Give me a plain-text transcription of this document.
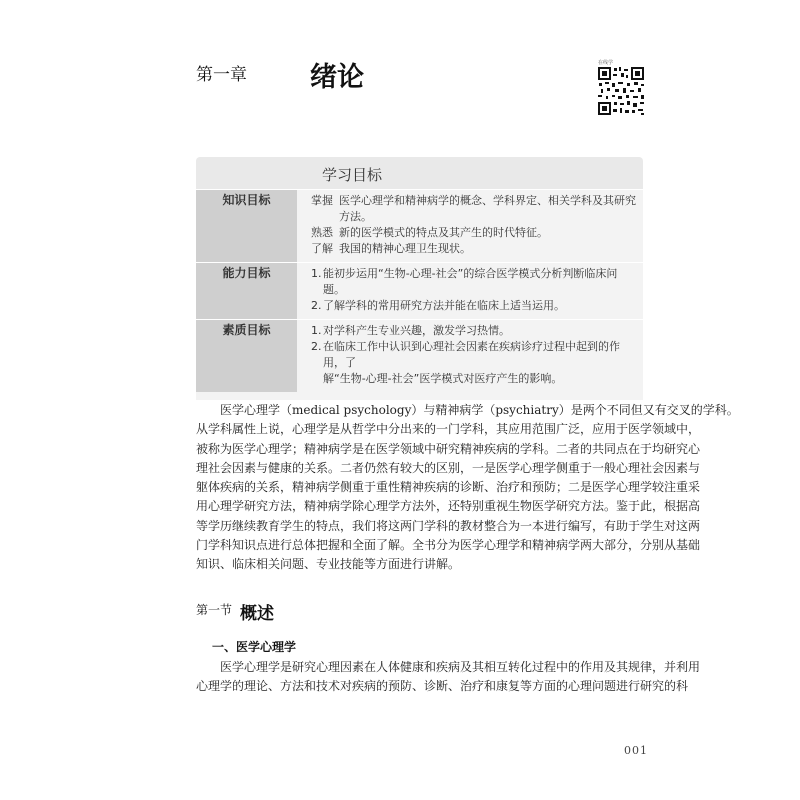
第一章 绪论	在线学
学习目标
知识目标	掌握 医学心理学和精神病学的概念、学科界定、相关学科及其研究
方法。
熟悉 新的医学模式的特点及其产生的时代特征。
了解 我国的精神心理卫生现状。
能力目标	1. 能初步运用“生物-心理-社会”的综合医学模式分析判断临床问题。
2. 了解学科的常用研究方法并能在临床上适当运用。
素质目标	1. 对学科产生专业兴趣，激发学习热情。
2. 在临床工作中认识到心理社会因素在疾病诊疗过程中起到的作用，了
解“生物-心理-社会”医学模式对医疗产生的影响。
医学心理学（medical psychology）与精神病学（psychiatry）是两个不同但又有交叉的学科。
从学科属性上说，心理学是从哲学中分出来的一门学科，其应用范围广泛，应用于医学领域中，
被称为医学心理学；精神病学是在医学领域中研究精神疾病的学科。二者的共同点在于均研究心
理社会因素与健康的关系。二者仍然有较大的区别，一是医学心理学侧重于一般心理社会因素与
躯体疾病的关系，精神病学侧重于重性精神疾病的诊断、治疗和预防；二是医学心理学较注重采
用心理学研究方法，精神病学除心理学方法外，还特别重视生物医学研究方法。鉴于此，根据高
等学历继续教育学生的特点，我们将这两门学科的教材整合为一本进行编写，有助于学生对这两
门学科知识点进行总体把握和全面了解。全书分为医学心理学和精神病学两大部分，分别从基础
知识、临床相关问题、专业技能等方面进行讲解。
第一节 概述
一、医学心理学
医学心理学是研究心理因素在人体健康和疾病及其相互转化过程中的作用及其规律，并利用
心理学的理论、方法和技术对疾病的预防、诊断、治疗和康复等方面的心理问题进行研究的科
001
